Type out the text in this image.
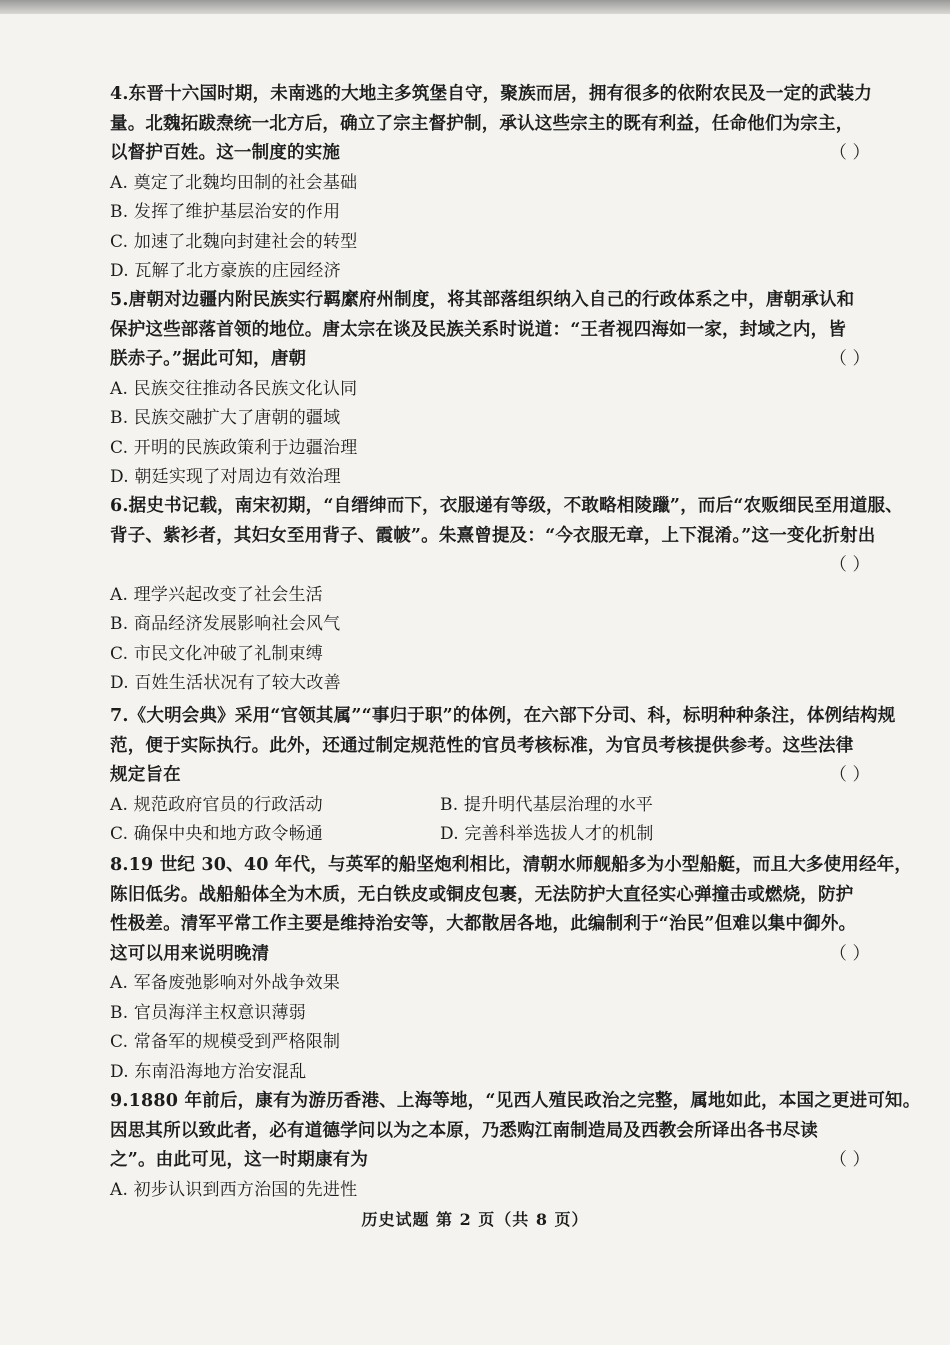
4.东晋十六国时期，未南逃的大地主多筑堡自守，聚族而居，拥有很多的依附农民及一定的武装力
量。北魏拓跋焘统一北方后，确立了宗主督护制，承认这些宗主的既有利益，任命他们为宗主，
以督护百姓。这一制度的实施	（ ）
A. 奠定了北魏均田制的社会基础
B. 发挥了维护基层治安的作用
C. 加速了北魏向封建社会的转型
D. 瓦解了北方豪族的庄园经济
5.唐朝对边疆内附民族实行羁縻府州制度，将其部落组织纳入自己的行政体系之中，唐朝承认和
保护这些部落首领的地位。唐太宗在谈及民族关系时说道：“王者视四海如一家，封域之内，皆
朕赤子。”据此可知，唐朝	（ ）
A. 民族交往推动各民族文化认同
B. 民族交融扩大了唐朝的疆域
C. 开明的民族政策利于边疆治理
D. 朝廷实现了对周边有效治理
6.据史书记载，南宋初期，“自缙绅而下，衣服递有等级，不敢略相陵躐”，而后“农贩细民至用道服、
背子、紫衫者，其妇女至用背子、霞帔”。朱熹曾提及：“今衣服无章，上下混淆。”这一变化折射出
（ ）
A. 理学兴起改变了社会生活
B. 商品经济发展影响社会风气
C. 市民文化冲破了礼制束缚
D. 百姓生活状况有了较大改善
7.《大明会典》采用“官领其属”“事归于职”的体例，在六部下分司、科，标明种种条注，体例结构规
范，便于实际执行。此外，还通过制定规范性的官员考核标准，为官员考核提供参考。这些法律
规定旨在	（ ）
A. 规范政府官员的行政活动	B. 提升明代基层治理的水平
C. 确保中央和地方政令畅通	D. 完善科举选拔人才的机制
8.19 世纪 30、40 年代，与英军的船坚炮利相比，清朝水师舰船多为小型船艇，而且大多使用经年，
陈旧低劣。战船船体全为木质，无白铁皮或铜皮包裹，无法防护大直径实心弹撞击或燃烧，防护
性极差。清军平常工作主要是维持治安等，大都散居各地，此编制利于“治民”但难以集中御外。
这可以用来说明晚清	（ ）
A. 军备废弛影响对外战争效果
B. 官员海洋主权意识薄弱
C. 常备军的规模受到严格限制
D. 东南沿海地方治安混乱
9.1880 年前后，康有为游历香港、上海等地，“见西人殖民政治之完整，属地如此，本国之更进可知。
因思其所以致此者，必有道德学问以为之本原，乃悉购江南制造局及西教会所译出各书尽读
之”。由此可见，这一时期康有为	（ ）
A. 初步认识到西方治国的先进性
历史试题 第 2 页（共 8 页）
